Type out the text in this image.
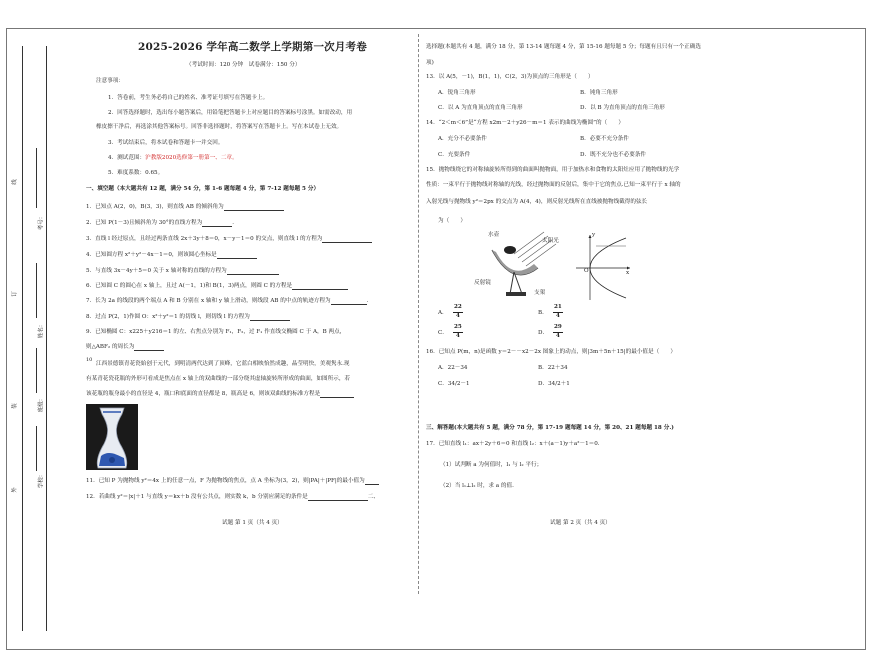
线
订
装
外
考号：
姓名：
班级：
学校：
2025-2026 学年高二数学上学期第一次月考卷
（考试时间：120 分钟　试卷满分：150 分）
注意事项：
1．答卷前，考生务必将自己的姓名、准考证号填写在答题卡上。
2．回答选择题时，选出每小题答案后，用铅笔把答题卡上对应题目的答案标号涂黑。如需改动，用
橡皮擦干净后，再选涂其他答案标号。回答非选择题时，将答案写在答题卡上。写在本试卷上无效。
3．考试结束后，将本试卷和答题卡一并交回。
4．测试范围：沪教版2020选修第一册第一、二章。
5．难度系数：0.65。
一、填空题（本大题共有 12 题，满分 54 分，第 1-6 题每题 4 分，第 7-12 题每题 5 分）
1．已知点 A(2，0)，B(3，3)，则直线 AB 的倾斜角为
2．已知 P(1－3)且倾斜角为 30°的直线方程为	．
3．直线 l 经过原点，且经过两条直线 2x＋3y＋8＝0，x－y－1＝0 的交点，则直线 l 的方程为
4．已知圆方程 x²＋y²－4x－1＝0，则该圆心坐标是
5．与直线 3x－4y＋5＝0 关于 x 轴对称的直线的方程为
6．已知圆 C 的圆心在 x 轴上，且过 A(－1，1)和 B(1，3)两点，则圆 C 的方程是
7．长为 2a 的线段的两个端点 A 和 B 分别在 x 轴和 y 轴上滑动，则线段 AB 的中点的轨迹方程为	．
8．过点 P(2，1)作圆 O：x²＋y²＝1 的切线 l，则切线 l 的方程为
9．已知椭圆 C：x225＋y216＝1 的左、右焦点分别为 F₁，F₂，过 F₁ 作直线交椭圆 C 于 A，B 两点，
则△ABF₂ 的周长为
10
江西景德镇青花瓷始创于元代，到明清两代达到了顶峰，它蓝白相映怡然成趣，晶莹明快，美观隽永.现
有某青花瓷花瓶的外形可看成是焦点在 x 轴上的双曲线的一部分绕其虚轴旋转所形成的曲面，如图所示，若
该花瓶的瓶身最小的直径是 4，瓶口和底面的直径都是 8，瓶高是 6，则该双曲线的标准方程是
11．已知 P 为抛物线 y²＝4x 上的任意一点，F 为抛物线的焦点，点 A 坐标为(3，2)，则|PA|＋|PF|的最小值为
12．若曲线 y²＝|x|＋1 与直线 y＝kx＋b 没有公共点，则实数 k，b 分别应满足的条件是	二、
试题 第 1 页（共 4 页）
选择题(本题共有 4 题，满分 18 分，第 13-14 题每题 4 分，第 15-16 题每题 5 分；每题有且只有一个正确选
项)
13．以 A(5，－1)，B(1，1)，C(2，3)为顶点的三角形是（　　）
A．锐角三角形	B．钝角三角形
C．以 A 为直角顶点的直角三角形	D．以 B 为直角顶点的直角三角形
14．“2＜m＜6”是“方程 x2m－2＋y26－m＝1 表示的曲线为椭圆”的（　　）
A．充分不必要条件	B．必要不充分条件
C．充要条件	D．既不充分也不必要条件
15．抛物线绕它的对称轴旋转所得到的曲面叫抛物面，用于加热水和食物的太阳灶应用了抛物线的光学
性质：一束平行于抛物线对称轴的光线，经过抛物面的反射后，集中于它的焦点.已知一束平行于 x 轴的
入射光线与抛物线 y²＝2px 的交点为 A(4，4)，则反射光线所在直线被抛物线截得的弦长
为（　　）
水壶
太阳光
反射镜
支架
y
x
O
A．
22
4	B．
21
4
C．
25
4	D．
29
4
16．已知点 P(m，n)是函数 y＝2－－x2－2x 图象上的动点，则|3m＋5n＋15|的最小值是（　　）
A．22－34	B．22＋34
C．34/2－1	D．34/2＋1
三、解答题(本大题共有 5 题，满分 78 分，第 17-19 题每题 14 分，第 20、21 题每题 18 分.)
17．已知直线 l₁：ax＋2y＋6＝0 和直线 l₂：x＋(a－1)y＋a²－1＝0.
（1）试判断 a 为何值时，l₁ 与 l₂ 平行；
（2）当 l₁⊥l₂ 时，求 a 的值.
试题 第 2 页（共 4 页）
